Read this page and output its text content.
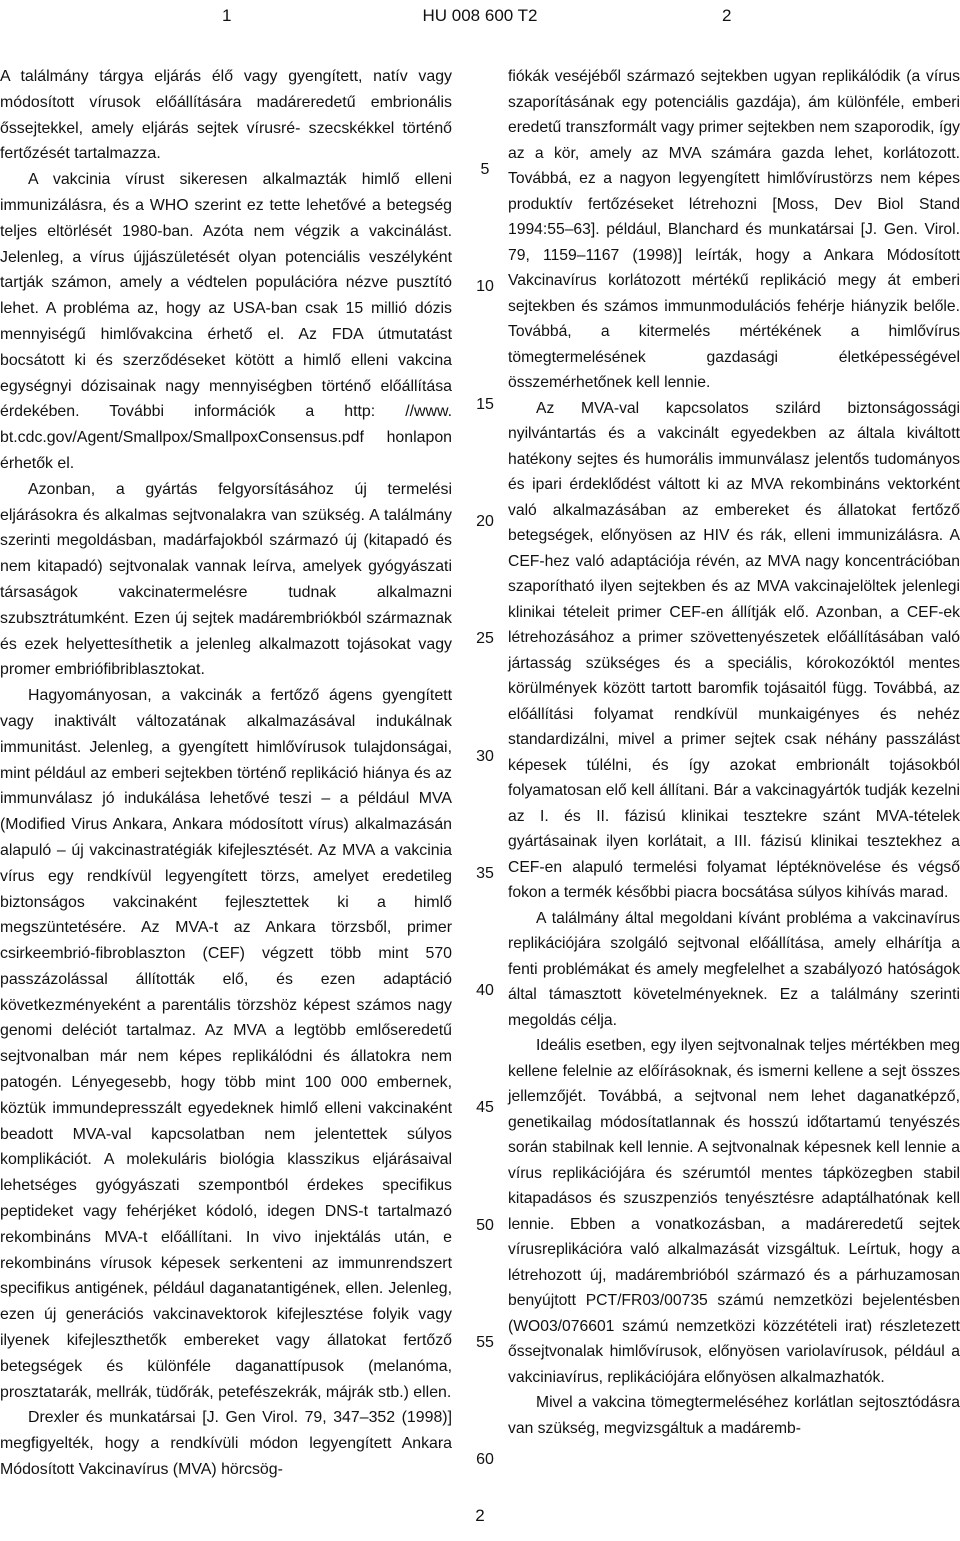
1	HU 008 600 T2	2

A találmány tárgya eljárás élő vagy gyengített, natív vagy módosított vírusok előállítására madáreredetű embrionális őssejtekkel, amely eljárás sejtek vírusré- szecskékkel történő fertőzését tartalmazza.

A vakcinia vírust sikeresen alkalmazták himlő elleni immunizálásra, és a WHO szerint ez tette lehetővé a betegség teljes eltörlését 1980-ban. Azóta nem végzik a vakcinálást. Jelenleg, a vírus újjászületését olyan potenciális veszélyként tartják számon, amely a védtelen populációra nézve pusztító lehet. A probléma az, hogy az USA-ban csak 15 millió dózis mennyiségű himlővakcina érhető el. Az FDA útmutatást bocsátott ki és szerződéseket kötött a himlő elleni vakcina egységnyi dózisainak nagy mennyiségben történő előállítása érdekében. További információk a http: //www. bt.cdc.gov/Agent/Smallpox/SmallpoxConsensus.pdf honlapon érhetők el.

Azonban, a gyártás felgyorsításához új termelési eljárásokra és alkalmas sejtvonalakra van szükség. A találmány szerinti megoldásban, madárfajokból származó új (kitapadó és nem kitapadó) sejtvonalak vannak leírva, amelyek gyógyászati társaságok vakcinatermelésre tudnak alkalmazni szubsztrátumként. Ezen új sejtek madárembriókból származnak és ezek helyettesíthetik a jelenleg alkalmazott tojásokat vagy promer embriófibriblasztokat.

Hagyományosan, a vakcinák a fertőző ágens gyengített vagy inaktivált változatának alkalmazásával indukálnak immunitást. Jelenleg, a gyengített himlővírusok tulajdonságai, mint például az emberi sejtekben történő replikáció hiánya és az immunválasz jó indukálása lehetővé teszi – a például MVA (Modified Virus Ankara, Ankara módosított vírus) alkalmazásán alapuló – új vakcinastratégiák kifejlesztését. Az MVA a vakcinia vírus egy rendkívül legyengített törzs, amelyet eredetileg biztonságos vakcinaként fejlesztettek ki a himlő megszüntetésére. Az MVA-t az Ankara törzsből, primer csirkeembrió-fibroblaszton (CEF) végzett több mint 570 passzázolással állították elő, és ezen adaptáció következményeként a parentális törzshöz képest számos nagy genomi deléciót tartalmaz. Az MVA a legtöbb emlőseredetű sejtvonalban már nem képes replikálódni és állatokra nem patogén. Lényegesebb, hogy több mint 100 000 embernek, köztük immundepresszált egyedeknek himlő elleni vakcinaként beadott MVA-val kapcsolatban nem jelentettek súlyos komplikációt. A molekuláris biológia klasszikus eljárásaival lehetséges gyógyászati szempontból érdekes specifikus peptideket vagy fehérjéket kódoló, idegen DNS-t tartalmazó rekombináns MVA-t előállítani. In vivo injektálás után, e rekombináns vírusok képesek serkenteni az immunrendszert specifikus antigének, például daganatantigének, ellen. Jelenleg, ezen új generációs vakcinavektorok kifejlesztése folyik vagy ilyenek kifejleszthetők embereket vagy állatokat fertőző betegségek és különféle daganattípusok (melanóma, prosztatarák, mellrák, tüdőrák, petefészekrák, májrák stb.) ellen.

Drexler és munkatársai [J. Gen Virol. 79, 347–352 (1998)] megfigyelték, hogy a rendkívüli módon legyengített Ankara Módosított Vakcinavírus (MVA) hörcsög-

fiókák veséjéből származó sejtekben ugyan replikálódik (a vírus szaporításának egy potenciális gazdája), ám különféle, emberi eredetű transzformált vagy primer sejtekben nem szaporodik, így az a kör, amely az MVA számára gazda lehet, korlátozott. Továbbá, ez a nagyon legyengített himlővírustörzs nem képes produktív fertőzéseket létrehozni [Moss, Dev Biol Stand 1994:55–63]. például, Blanchard és munkatársai [J. Gen. Virol. 79, 1159–1167 (1998)] leírták, hogy a Ankara Módosított Vakcinavírus korlátozott mértékű replikáció megy át emberi sejtekben és számos immunmodulációs fehérje hiányzik belőle. Továbbá, a kitermelés mértékének a himlővírus tömegtermelésének gazdasági életképességével összemérhetőnek kell lennie.

Az MVA-val kapcsolatos szilárd biztonságossági nyilvántartás és a vakcinált egyedekben az általa kiváltott hatékony sejtes és humorális immunválasz jelentős tudományos és ipari érdeklődést váltott ki az MVA rekombináns vektorként való alkalmazásában az embereket és állatokat fertőző betegségek, előnyösen az HIV és rák, elleni immunizálásra. A CEF-hez való adaptációja révén, az MVA nagy koncentrációban szaporítható ilyen sejtekben és az MVA vakcinajelöltek jelenlegi klinikai tételeit primer CEF-en állítják elő. Azonban, a CEF-ek létrehozásához a primer szövettenyészetek előállításában való jártasság szükséges és a speciális, kórokozóktól mentes körülmények között tartott baromfik tojásaitól függ. Továbbá, az előállítási folyamat rendkívül munkaigényes és nehéz standardizálni, mivel a primer sejtek csak néhány passzálást képesek túlélni, és így azokat embrionált tojásokból folyamatosan elő kell állítani. Bár a vakcinagyártók tudják kezelni az I. és II. fázisú klinikai tesztekre szánt MVA-tételek gyártásainak ilyen korlátait, a III. fázisú klinikai tesztekhez a CEF-en alapuló termelési folyamat léptéknövelése és végső fokon a termék későbbi piacra bocsátása súlyos kihívás marad.

A találmány által megoldani kívánt probléma a vakcinavírus replikációjára szolgáló sejtvonal előállítása, amely elhárítja a fenti problémákat és amely megfelelhet a szabályozó hatóságok által támasztott követelményeknek. Ez a találmány szerinti megoldás célja.

Ideális esetben, egy ilyen sejtvonalnak teljes mértékben meg kellene felelnie az előírásoknak, és ismerni kellene a sejt összes jellemzőjét. Továbbá, a sejtvonal nem lehet daganatképző, genetikailag módosítatlannak és hosszú időtartamú tenyészés során stabilnak kell lennie. A sejtvonalnak képesnek kell lennie a vírus replikációjára és szérumtól mentes tápközegben stabil kitapadásos és szuszpenziós tenyésztésre adaptálhatónak kell lennie. Ebben a vonatkozásban, a madáreredetű sejtek vírusreplikációra való alkalmazását vizsgáltuk. Leírtuk, hogy a létrehozott új, madárembrióból származó és a párhuzamosan benyújtott PCT/FR03/00735 számú nemzetközi bejelentésben (WO03/076601 számú nemzetközi közzétételi irat) részletezett őssejtvonalak himlővírusok, előnyösen variolavírusok, például a vakciniavírus, replikációjára előnyösen alkalmazhatók.

Mivel a vakcina tömegtermeléséhez korlátlan sejtosztódásra van szükség, megvizsgáltuk a madáremb-

5
10
15
20
25
30
35
40
45
50
55
60
2
